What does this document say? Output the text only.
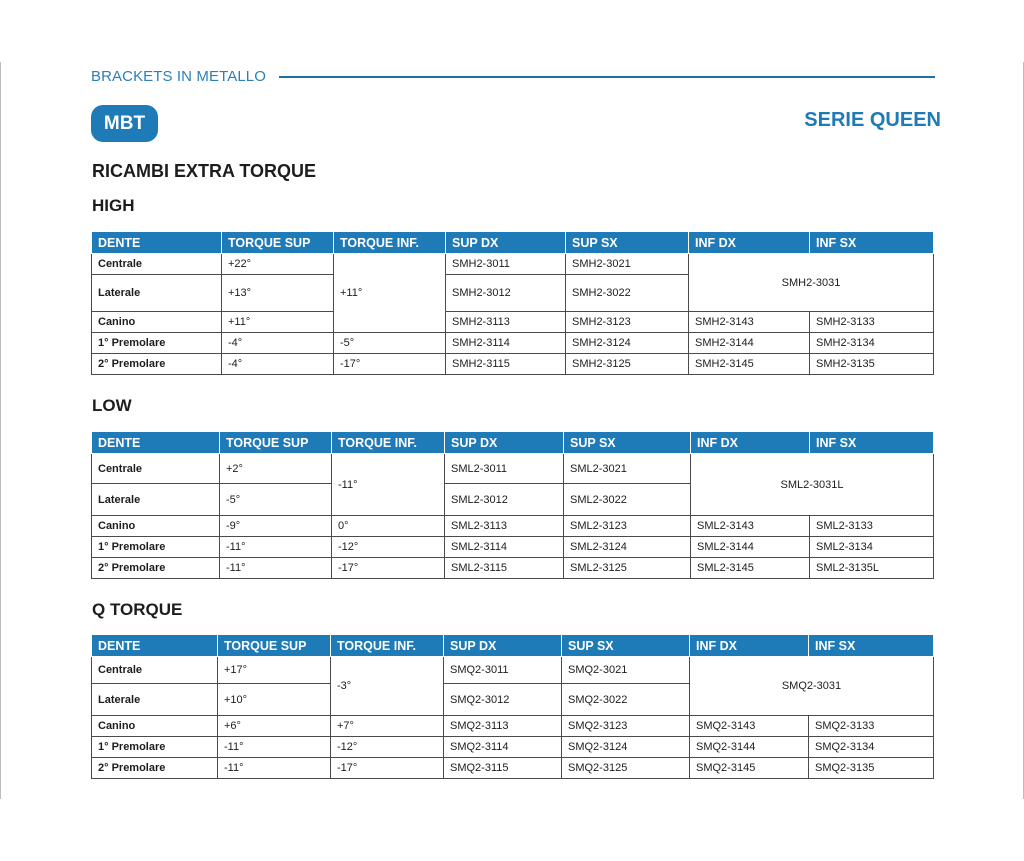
BRACKETS IN METALLO
MBT	SERIE QUEEN
RICAMBI EXTRA TORQUE
HIGH
DENTE	TORQUE SUP	TORQUE INF.	SUP DX	SUP SX	INF DX	INF SX
Centrale	+22°	+11°	SMH2-3011	SMH2-3021	SMH2-3031	
Laterale	+13°		SMH2-3012	SMH2-3022		
Canino	+11°		SMH2-3113	SMH2-3123	SMH2-3143	SMH2-3133
1° Premolare	-4°	-5°	SMH2-3114	SMH2-3124	SMH2-3144	SMH2-3134
2° Premolare	-4°	-17°	SMH2-3115	SMH2-3125	SMH2-3145	SMH2-3135
LOW
DENTE	TORQUE SUP	TORQUE INF.	SUP DX	SUP SX	INF DX	INF SX
Centrale	+2°	-11°	SML2-3011	SML2-3021	SML2-3031L	
Laterale	-5°		SML2-3012	SML2-3022		
Canino	-9°	0°	SML2-3113	SML2-3123	SML2-3143	SML2-3133
1° Premolare	-11°	-12°	SML2-3114	SML2-3124	SML2-3144	SML2-3134
2° Premolare	-11°	-17°	SML2-3115	SML2-3125	SML2-3145	SML2-3135L
Q TORQUE
DENTE	TORQUE SUP	TORQUE INF.	SUP DX	SUP SX	INF DX	INF SX
Centrale	+17°	-3°	SMQ2-3011	SMQ2-3021	SMQ2-3031	
Laterale	+10°		SMQ2-3012	SMQ2-3022		
Canino	+6°	+7°	SMQ2-3113	SMQ2-3123	SMQ2-3143	SMQ2-3133
1° Premolare	-11°	-12°	SMQ2-3114	SMQ2-3124	SMQ2-3144	SMQ2-3134
2° Premolare	-11°	-17°	SMQ2-3115	SMQ2-3125	SMQ2-3145	SMQ2-3135
